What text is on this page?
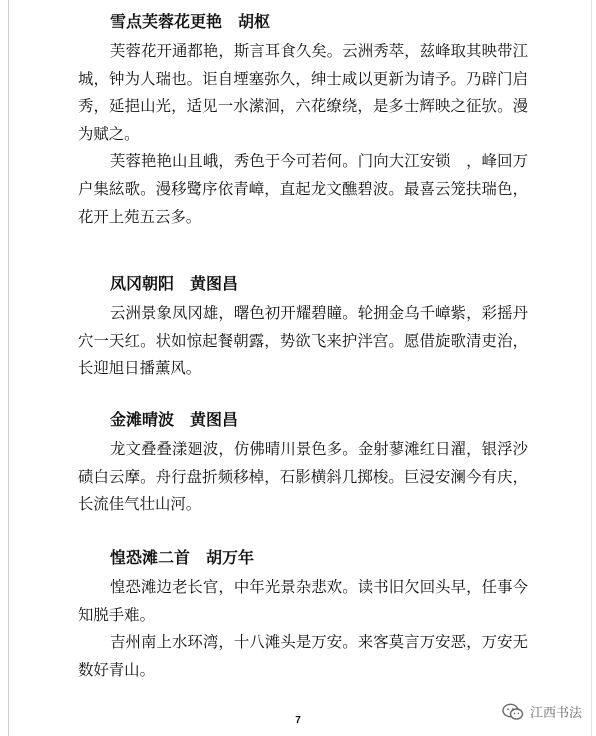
雪点芙蓉花更艳　胡枢

芙蓉花开通都艳，斯言耳食久矣。云洲秀萃，兹峰取其映带江城，钟为人瑞也。讵自堙塞弥久，绅士咸以更新为请予。乃辟门启秀，延挹山光，适见一水潆洄，六花缭绕，是多士辉映之征欤。漫为赋之。

芙蓉艳艳山且峨，秀色于今可若何。门向大江安锁　，峰回万户集絃歌。漫移鹭序依青嶂，直起龙文醮碧波。最喜云笼扶瑞色，花开上苑五云多。

凤冈朝阳　黄图昌

云洲景象凤冈雄，曙色初开耀碧瞳。轮拥金乌千嶂紫，彩摇丹穴一天红。状如惊起餐朝露，势欲飞来护泮宫。愿借旋歌清吏治，长迎旭日播薰风。

金滩晴波　黄图昌

龙文叠叠漾廻波，仿佛晴川景色多。金射蓼滩红日濯，银浮沙碛白云摩。舟行盘折频移棹，石影横斜几掷梭。巨浸安澜今有庆，长流佳气壮山河。

惶恐滩二首　胡万年

惶恐滩边老长官，中年光景杂悲欢。读书旧欠回头早，任事今知脱手难。

吉州南上水环湾，十八滩头是万安。来客莫言万安恶，万安无数好青山。

7	江西书法
